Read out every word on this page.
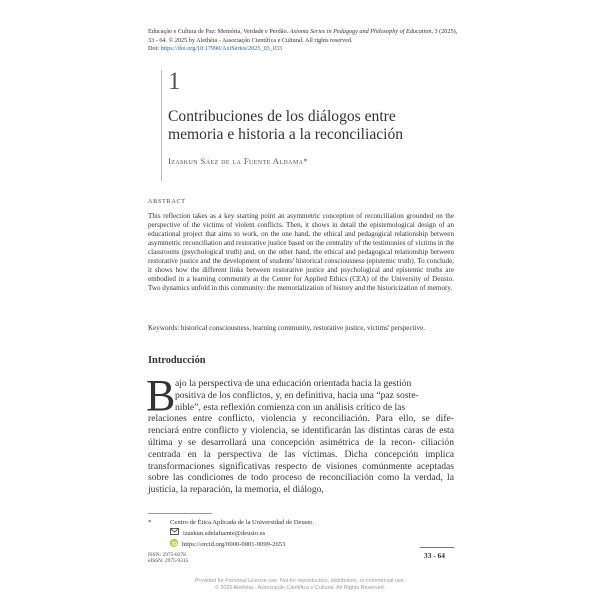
Educação e Cultura de Paz: Memória, Verdade e Perdão. Axioma Series in Pedagogy and Philosophy of Education, 3 (2025),
33 - 64. © 2025 by Alethéia - Associação Científica e Cultural. All rights reserved.
Doi: https://doi.org/10.17990/AxiSeries/2025_03_033
1
Contribuciones de los diálogos entre
memoria e historia a la reconciliación
Izaskun Sáez de la Fuente Aldama*
ABSTRACT
This reflection takes as a key starting point an asymmetric conception of reconciliation grounded on the perspective of the victims of violent conflicts. Then, it shows in detail the epistemological design of an educational project that aims to work, on the one hand, the ethical and pedagogical relationship between asymmetric reconciliation and restorative justice based on the centrality of the testimonies of victims in the classrooms (psychological truth) and, on the other hand, the ethical and pedagogical relationship between restorative justice and the development of students' historical consciousness (epistemic truth). To conclude, it shows how the different links between restorative justice and psychological and epistemic truths are embodied in a learning community at the Center for Applied Ethics (CEA) of the University of Deusto. Two dynamics unfold in this community: the memorialization of history and the historicization of memory.
Keywords: historical consciousness, learning community, restorative justice, victims' perspective.
Introducción
B ajo la perspectiva de una educación orientada hacia la gestión
positiva de los conflictos, y, en definitiva, hacia una “paz soste-
nible”, esta reflexión comienza con un análisis crítico de las
relaciones entre conflicto, violencia y reconciliación. Para ello, se dife- renciará entre conflicto y violencia, se identificarán las distintas caras de esta última y se desarrollará una concepción asimétrica de la recon- ciliación centrada en la perspectiva de las víctimas. Dicha concepción implica transformaciones significativas respecto de visiones comúnmente aceptadas sobre las condiciones de todo proceso de reconciliación como la verdad, la justicia, la reparación, la memoria, el diálogo,
*	Centro de Ética Aplicada de la Universidad de Deusto.
izaskun.sdelafuente@deusto.es
https://orcid.org/0000-0001-9099-2653
ISSN: 2975-8378
eISSN: 2975-9315
33 - 64
Provided for Personal License use. Not for reproduction, distribution, or commercial use.
© 2025 Alethéia - Associação Científica e Cultural. All Rights Reserved.
